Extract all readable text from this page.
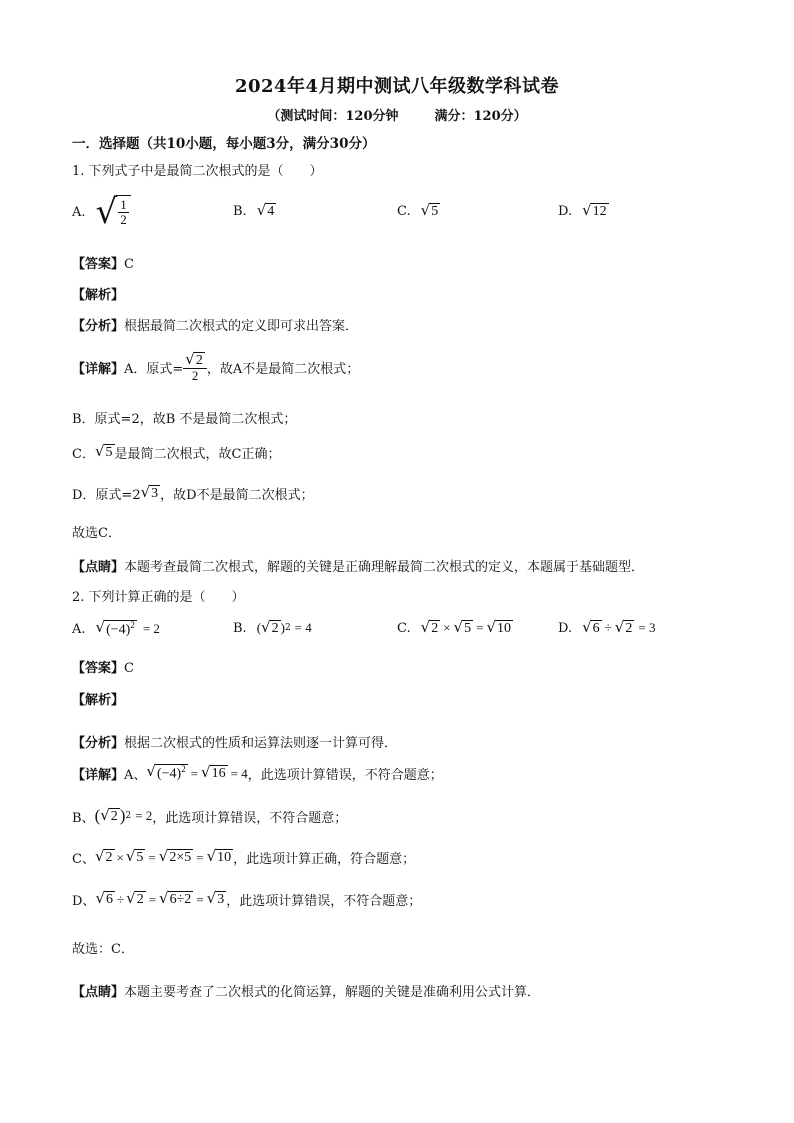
2024年4月期中测试八年级数学科试卷
（测试时间：120分钟	满分：120分）
一．选择题（共10小题，每小题3分，满分30分）
1. 下列式子中是最简二次根式的是（　　）
A. √ $\frac{1}{2}$	B. √ 4	C. √ 5	D. √ 12
【答案】C
【解析】
【分析】根据最简二次根式的定义即可求出答案．
【详解】 A．原式= $\frac{√ 2}{2}$ ，故A不是最简二次根式；
B．原式=2，故B 不是最简二次根式；
C． √ 5 是最简二次根式，故C正确；
D．原式=2 √ 3 ，故D不是最简二次根式；
故选C．
【点睛】本题考查最简二次根式，解题的关键是正确理解最简二次根式的定义，本题属于基础题型．
2. 下列计算正确的是（　　）
A. √ $(-4)^2 = 2$	B. ( √ 2 ) 2 = 4	C. √ 2 × √ 5 = √ 10	D. √ 6 ÷ √ 2 = 3
【答案】C
【解析】
【分析】根据二次根式的性质和运算法则逐一计算可得．
【详解】 A、 √ $(-4)^2$ = √ 16 = 4 ，此选项计算错误，不符合题意；
B、 ( √ 2 ) 2 = 2 ，此选项计算错误，不符合题意；
C、 √ 2 × √ 5 = √ 2×5 = √ 10 ，此选项计算正确，符合题意；
D、 √ 6 ÷ √ 2 = √ 6÷2 = √ 3 ，此选项计算错误，不符合题意；
故选：C．
【点睛】本题主要考查了二次根式的化简运算，解题的关键是准确利用公式计算．
